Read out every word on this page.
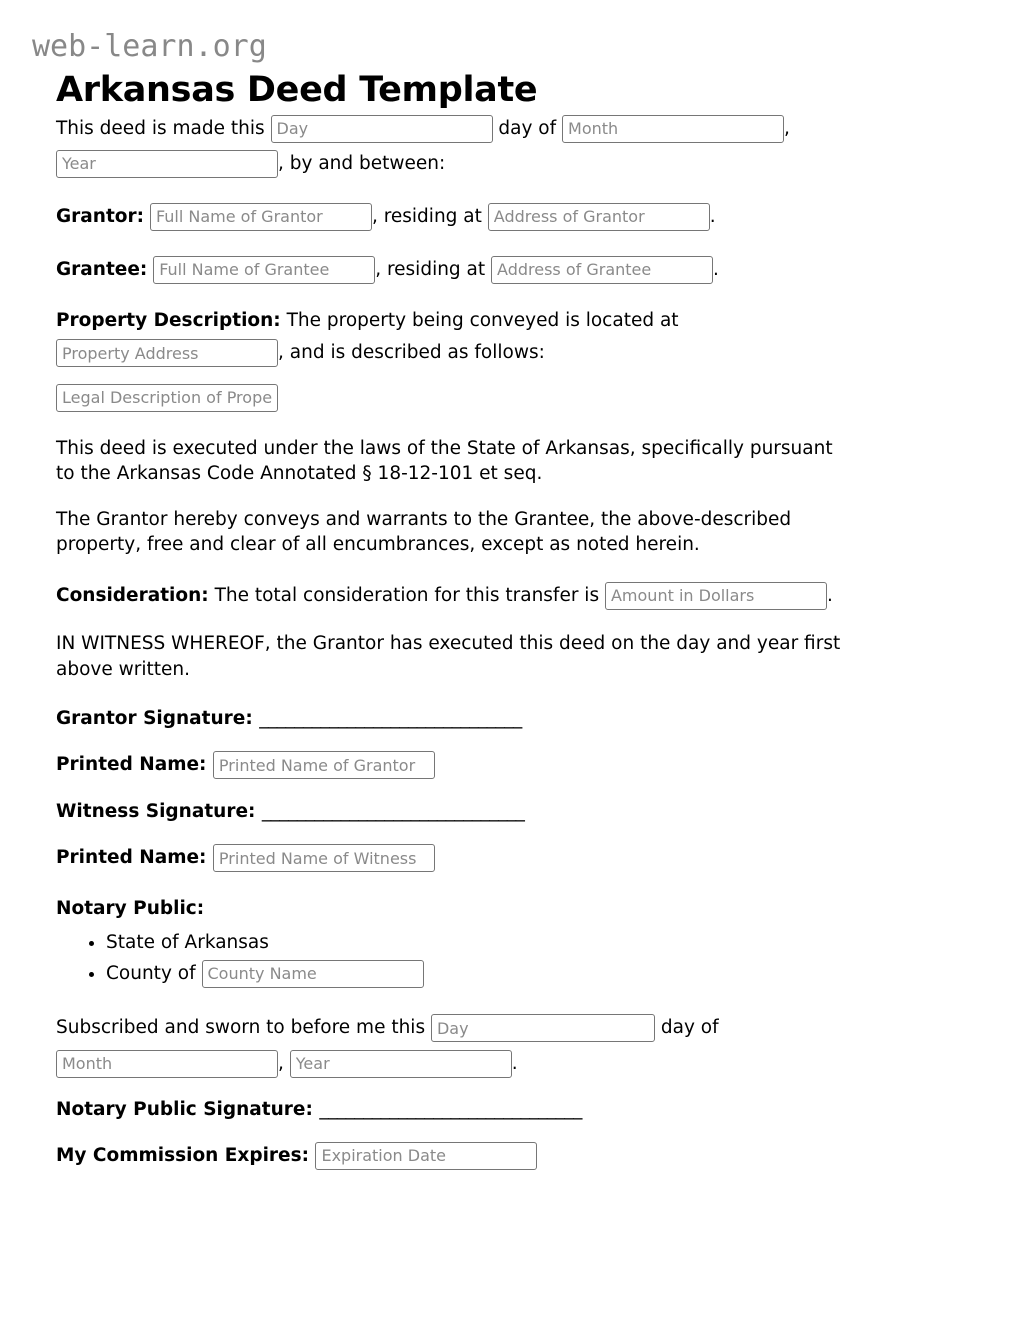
web-learn.org
Arkansas Deed Template

This deed is made this Day	day of Month	, Year, by and between:

Grantor: Full Name of Grantor	, residing at Address of Grantor	.

Grantee: Full Name of Grantee	, residing at Address of Grantee	.

Property Description: The property being conveyed is located at Property Address, and is described as follows:

Legal Description of Property

This deed is executed under the laws of the State of Arkansas, specifically pursuant to the Arkansas Code Annotated § 18-12-101 et seq.

The Grantor hereby conveys and warrants to the Grantee, the above-described property, free and clear of all encumbrances, except as noted herein.

Consideration: The total consideration for this transfer is Amount in Dollars	.

IN WITNESS WHEREOF, the Grantor has executed this deed on the day and year first above written.

Grantor Signature: ______________________________

Printed Name: Printed Name of Grantor

Witness Signature: ______________________________

Printed Name: Printed Name of Witness

Notary Public:

• State of Arkansas
• County of County Name

Subscribed and sworn to before me this Day	day of Month, Year	.

Notary Public Signature: ______________________________

My Commission Expires: Expiration Date
